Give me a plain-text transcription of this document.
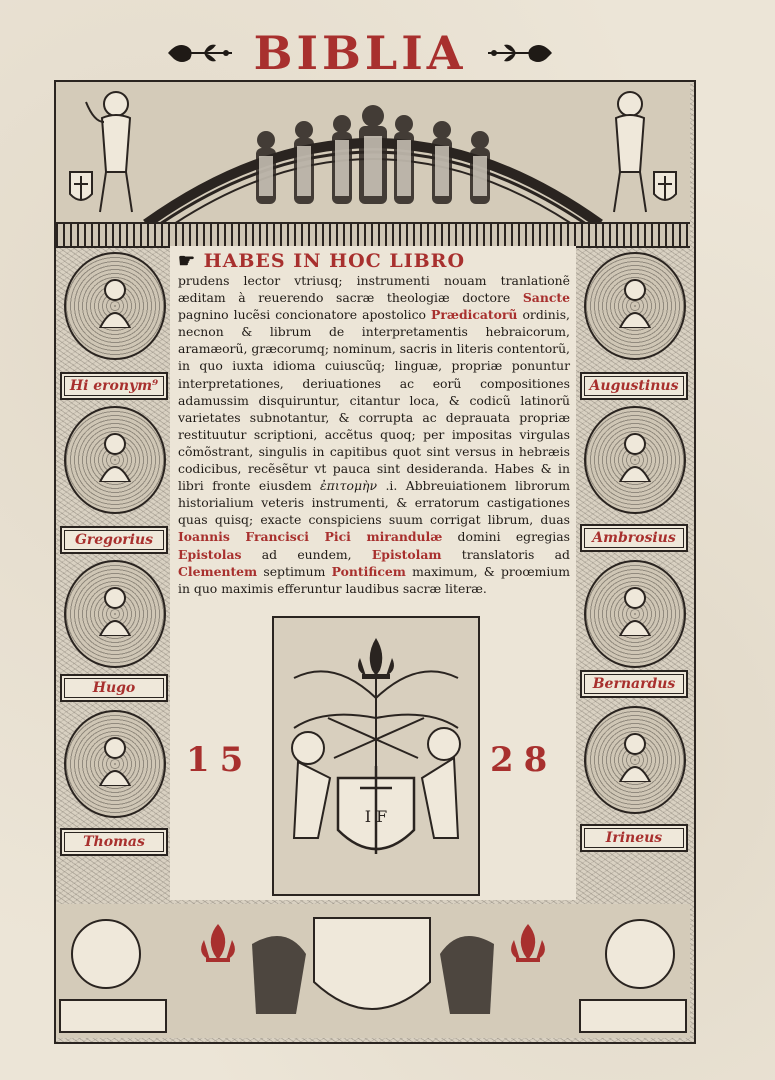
BIBLIA
Hi eronym⁹
Gregorius
Hugo
Thomas
Augustinus
Ambrosius
Bernardus
Irineus
☛ HABES IN HOC LIBRO
prudens lector vtriusq; instrumenti nouam tranlationẽ æditam à reuerendo sacræ theologiæ doctore Sancte pagnino lucẽsi concionatore apostolico Prædicatorũ ordinis, necnon & librum de interpretamentis hebraicorum, aramæorũ, græcorumq; nominum, sacris in literis contentorũ, in quo iuxta idioma cuiuscũq; linguæ, propriæ ponuntur interpretationes, deriuationes ac eorũ compositiones adamussim disquiruntur, citantur loca, & codicũ latinorũ varietates subnotantur, & corrupta ac deprauata propriæ restituutur scriptioni, accẽtus quoq; per impositas virgulas cõmõstrant, singulis in capitibus quot sint versus in hebræis codicibus, recẽsẽtur vt pauca sint desideranda. Habes & in libri fronte eiusdem ἐπιτομὴν .i. Abbreuiationem librorum historialium veteris instrumenti, & erratorum castigationes quas quisq; exacte conspiciens suum corrigat librum, duas Ioannis Francisci Pici mirandulæ domini egregias Epistolas ad eundem, Epistolam translatoris ad Clementem septimum Pontificem maximum, & proœmium in quo maximis efferuntur laudibus sacræ literæ.
I F
15	28
